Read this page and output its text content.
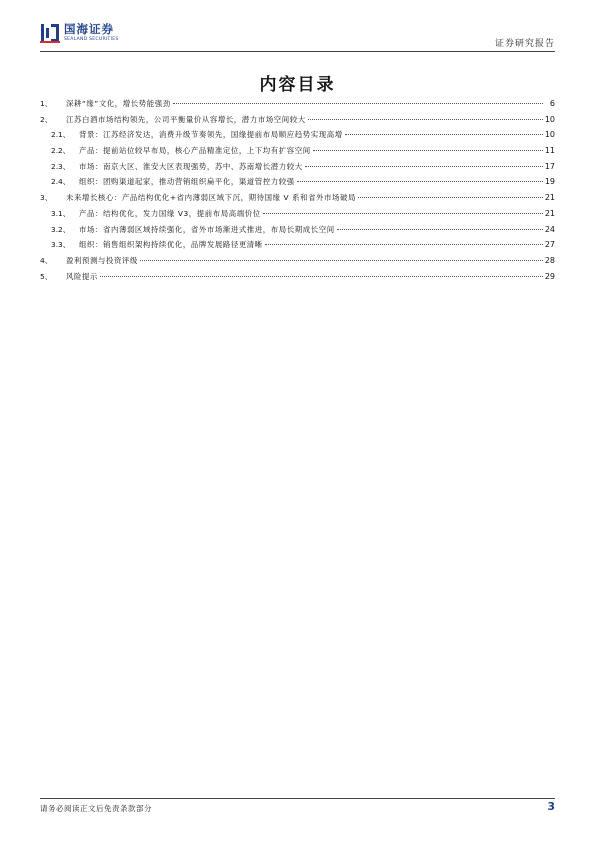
国海证券
SEALAND SECURITIES	证券研究报告
内容目录
1、	深耕“缘”文化，增长势能强劲	6
2、	江苏白酒市场结构领先，公司平衡量价从容增长，潜力市场空间较大	10
2.1、	背景：江苏经济发达，消费升级节奏领先，国缘提前布局顺应趋势实现高增	10
2.2、	产品：提前站位较早布局，核心产品精准定位，上下均有扩容空间	11
2.3、	市场：南京大区、淮安大区表现强势，苏中、苏南增长潜力较大	17
2.4、	组织：团购渠道起家，推动营销组织扁平化，渠道管控力较强	19
3、	未来增长核心：产品结构优化+省内薄弱区域下沉，期待国缘 V 系和省外市场破局	21
3.1、	产品：结构优化，发力国缘 V3，提前布局高端价位	21
3.2、	市场：省内薄弱区域持续强化，省外市场渐进式推进，布局长期成长空间	24
3.3、	组织：销售组织架构持续优化，品牌发展路径更清晰	27
4、	盈利预测与投资评级	28
5、	风险提示	29
请务必阅读正文后免责条款部分	3
